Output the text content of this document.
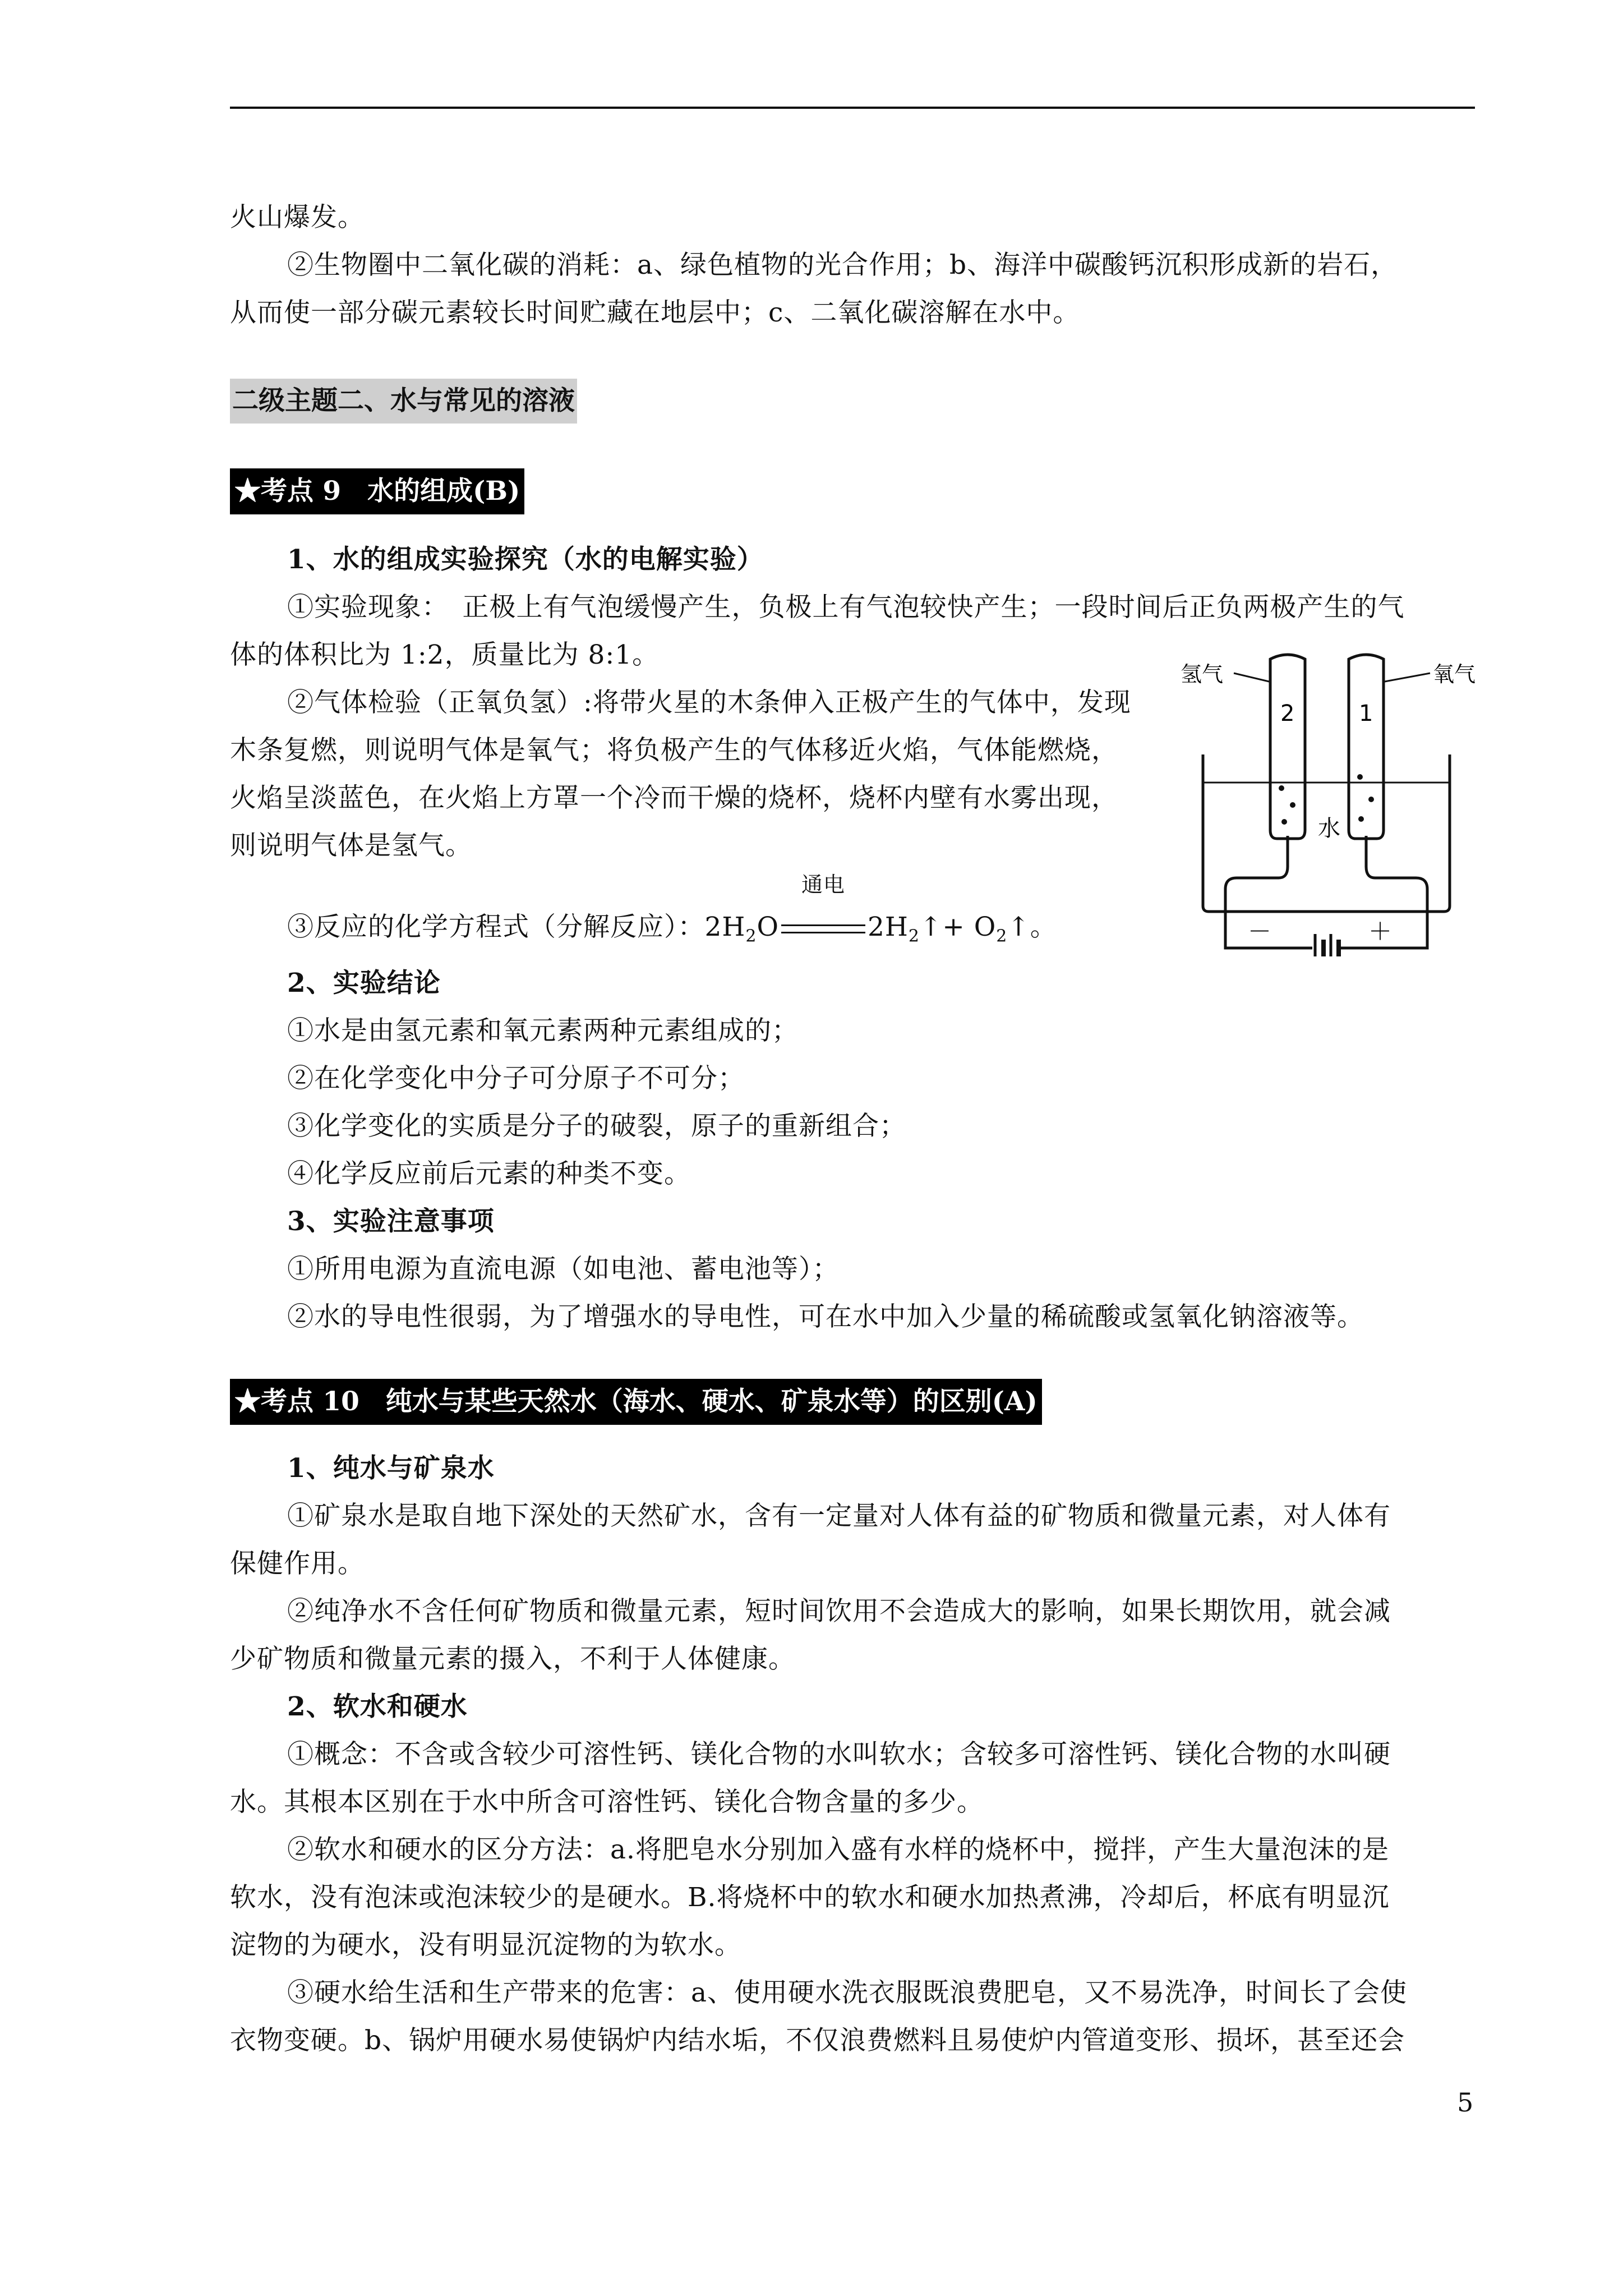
火山爆发。
②生物圈中二氧化碳的消耗：a、绿色植物的光合作用；b、海洋中碳酸钙沉积形成新的岩石，
从而使一部分碳元素较长时间贮藏在地层中；c、二氧化碳溶解在水中。
二级主题二、水与常见的溶液
★考点 9　水的组成(B)
1、水的组成实验探究（水的电解实验）
①实验现象：　正极上有气泡缓慢产生，负极上有气泡较快产生；一段时间后正负两极产生的气
体的体积比为 1:2，质量比为 8:1。
②气体检验（正氧负氢）:将带火星的木条伸入正极产生的气体中，发现
木条复燃，则说明气体是氧气；将负极产生的气体移近火焰，气体能燃烧，
火焰呈淡蓝色，在火焰上方罩一个冷而干燥的烧杯，烧杯内壁有水雾出现，
则说明气体是氢气。
③反应的化学方程式（分解反应）：$2H_2O$
通电
$2H_2↑+$ $O_2↑$。
2、实验结论
①水是由氢元素和氧元素两种元素组成的；
②在化学变化中分子可分原子不可分；
③化学变化的实质是分子的破裂，原子的重新组合；
④化学反应前后元素的种类不变。
3、实验注意事项
①所用电源为直流电源（如电池、蓄电池等）；
②水的导电性很弱，为了增强水的导电性，可在水中加入少量的稀硫酸或氢氧化钠溶液等。
氢气	氧气
2	1
水
－	＋
★考点 10　纯水与某些天然水（海水、硬水、矿泉水等）的区别(A)
1、纯水与矿泉水
①矿泉水是取自地下深处的天然矿水，含有一定量对人体有益的矿物质和微量元素，对人体有
保健作用。
②纯净水不含任何矿物质和微量元素，短时间饮用不会造成大的影响，如果长期饮用，就会减
少矿物质和微量元素的摄入，不利于人体健康。
2、软水和硬水
①概念：不含或含较少可溶性钙、镁化合物的水叫软水；含较多可溶性钙、镁化合物的水叫硬
水。其根本区别在于水中所含可溶性钙、镁化合物含量的多少。
②软水和硬水的区分方法：a.将肥皂水分别加入盛有水样的烧杯中，搅拌，产生大量泡沫的是
软水，没有泡沫或泡沫较少的是硬水。B.将烧杯中的软水和硬水加热煮沸，冷却后，杯底有明显沉
淀物的为硬水，没有明显沉淀物的为软水。
③硬水给生活和生产带来的危害：a、使用硬水洗衣服既浪费肥皂，又不易洗净，时间长了会使
衣物变硬。b、锅炉用硬水易使锅炉内结水垢，不仅浪费燃料且易使炉内管道变形、损坏，甚至还会
5
